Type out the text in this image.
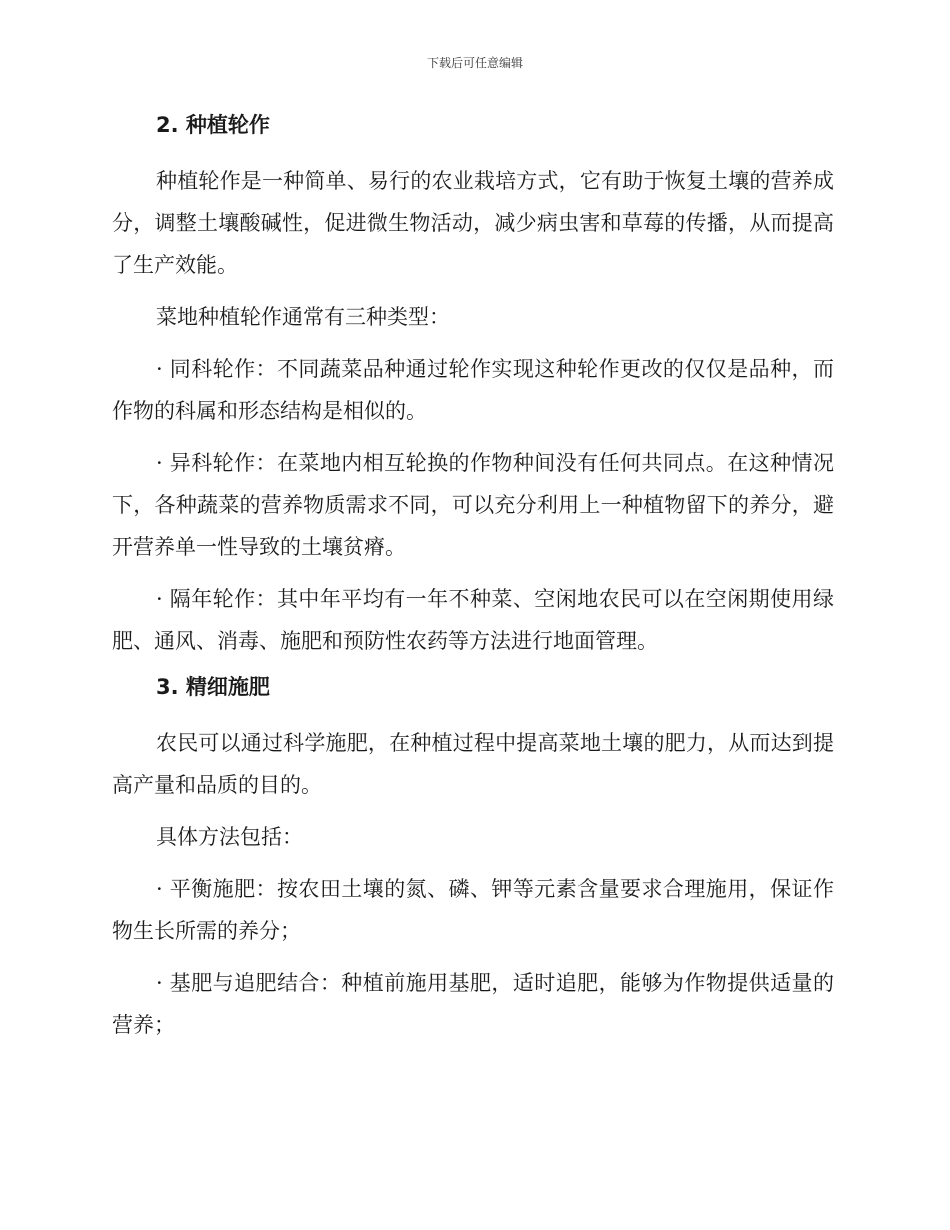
下载后可任意编辑
2. 种植轮作

种植轮作是一种简单、易行的农业栽培方式，它有助于恢复土壤的营养成分，调整土壤酸碱性，促进微生物活动，减少病虫害和草莓的传播，从而提高了生产效能。

菜地种植轮作通常有三种类型：

· 同科轮作：不同蔬菜品种通过轮作实现这种轮作更改的仅仅是品种，而作物的科属和形态结构是相似的。

· 异科轮作：在菜地内相互轮换的作物种间没有任何共同点。在这种情况下，各种蔬菜的营养物质需求不同，可以充分利用上一种植物留下的养分，避开营养单一性导致的土壤贫瘠。

· 隔年轮作：其中年平均有一年不种菜、空闲地农民可以在空闲期使用绿肥、通风、消毒、施肥和预防性农药等方法进行地面管理。

3. 精细施肥

农民可以通过科学施肥，在种植过程中提高菜地土壤的肥力，从而达到提高产量和品质的目的。

具体方法包括：

· 平衡施肥：按农田土壤的氮、磷、钾等元素含量要求合理施用，保证作物生长所需的养分；

· 基肥与追肥结合：种植前施用基肥，适时追肥，能够为作物提供适量的营养；
